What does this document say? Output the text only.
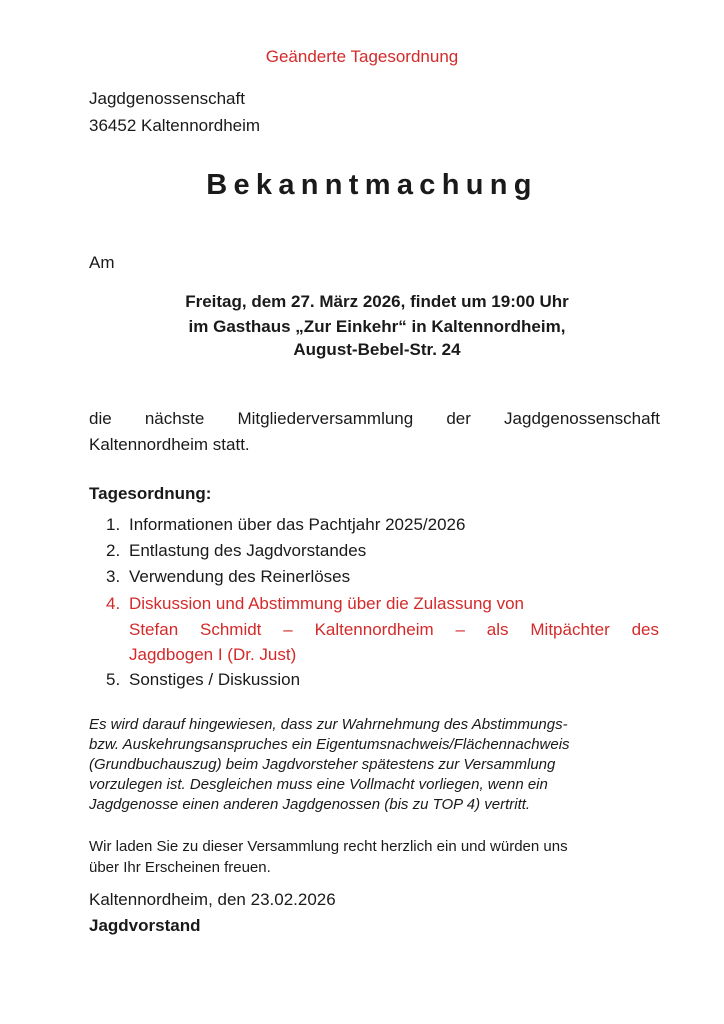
Geänderte Tagesordnung

Jagdgenossenschaft

36452 Kaltennordheim

Bekanntmachung

Am

Freitag, dem 27. März 2026, findet um 19:00 Uhr

im Gasthaus „Zur Einkehr“ in Kaltennordheim,

August-Bebel-Str. 24

die nächste Mitgliederversammlung der Jagdgenossenschaft

Kaltennordheim statt.

Tagesordnung:

1. Informationen über das Pachtjahr 2025/2026

2. Entlastung des Jagdvorstandes

3. Verwendung des Reinerlöses

4. Diskussion und Abstimmung über die Zulassung von

Stefan Schmidt – Kaltennordheim – als Mitpächter des

Jagdbogen I (Dr. Just)

5. Sonstiges / Diskussion

Es wird darauf hingewiesen, dass zur Wahrnehmung des Abstimmungs-

bzw. Auskehrungsanspruches ein Eigentumsnachweis/Flächennachweis

(Grundbuchauszug) beim Jagdvorsteher spätestens zur Versammlung

vorzulegen ist. Desgleichen muss eine Vollmacht vorliegen, wenn ein

Jagdgenosse einen anderen Jagdgenossen (bis zu TOP 4) vertritt.

Wir laden Sie zu dieser Versammlung recht herzlich ein und würden uns

über Ihr Erscheinen freuen.

Kaltennordheim, den 23.02.2026

Jagdvorstand
